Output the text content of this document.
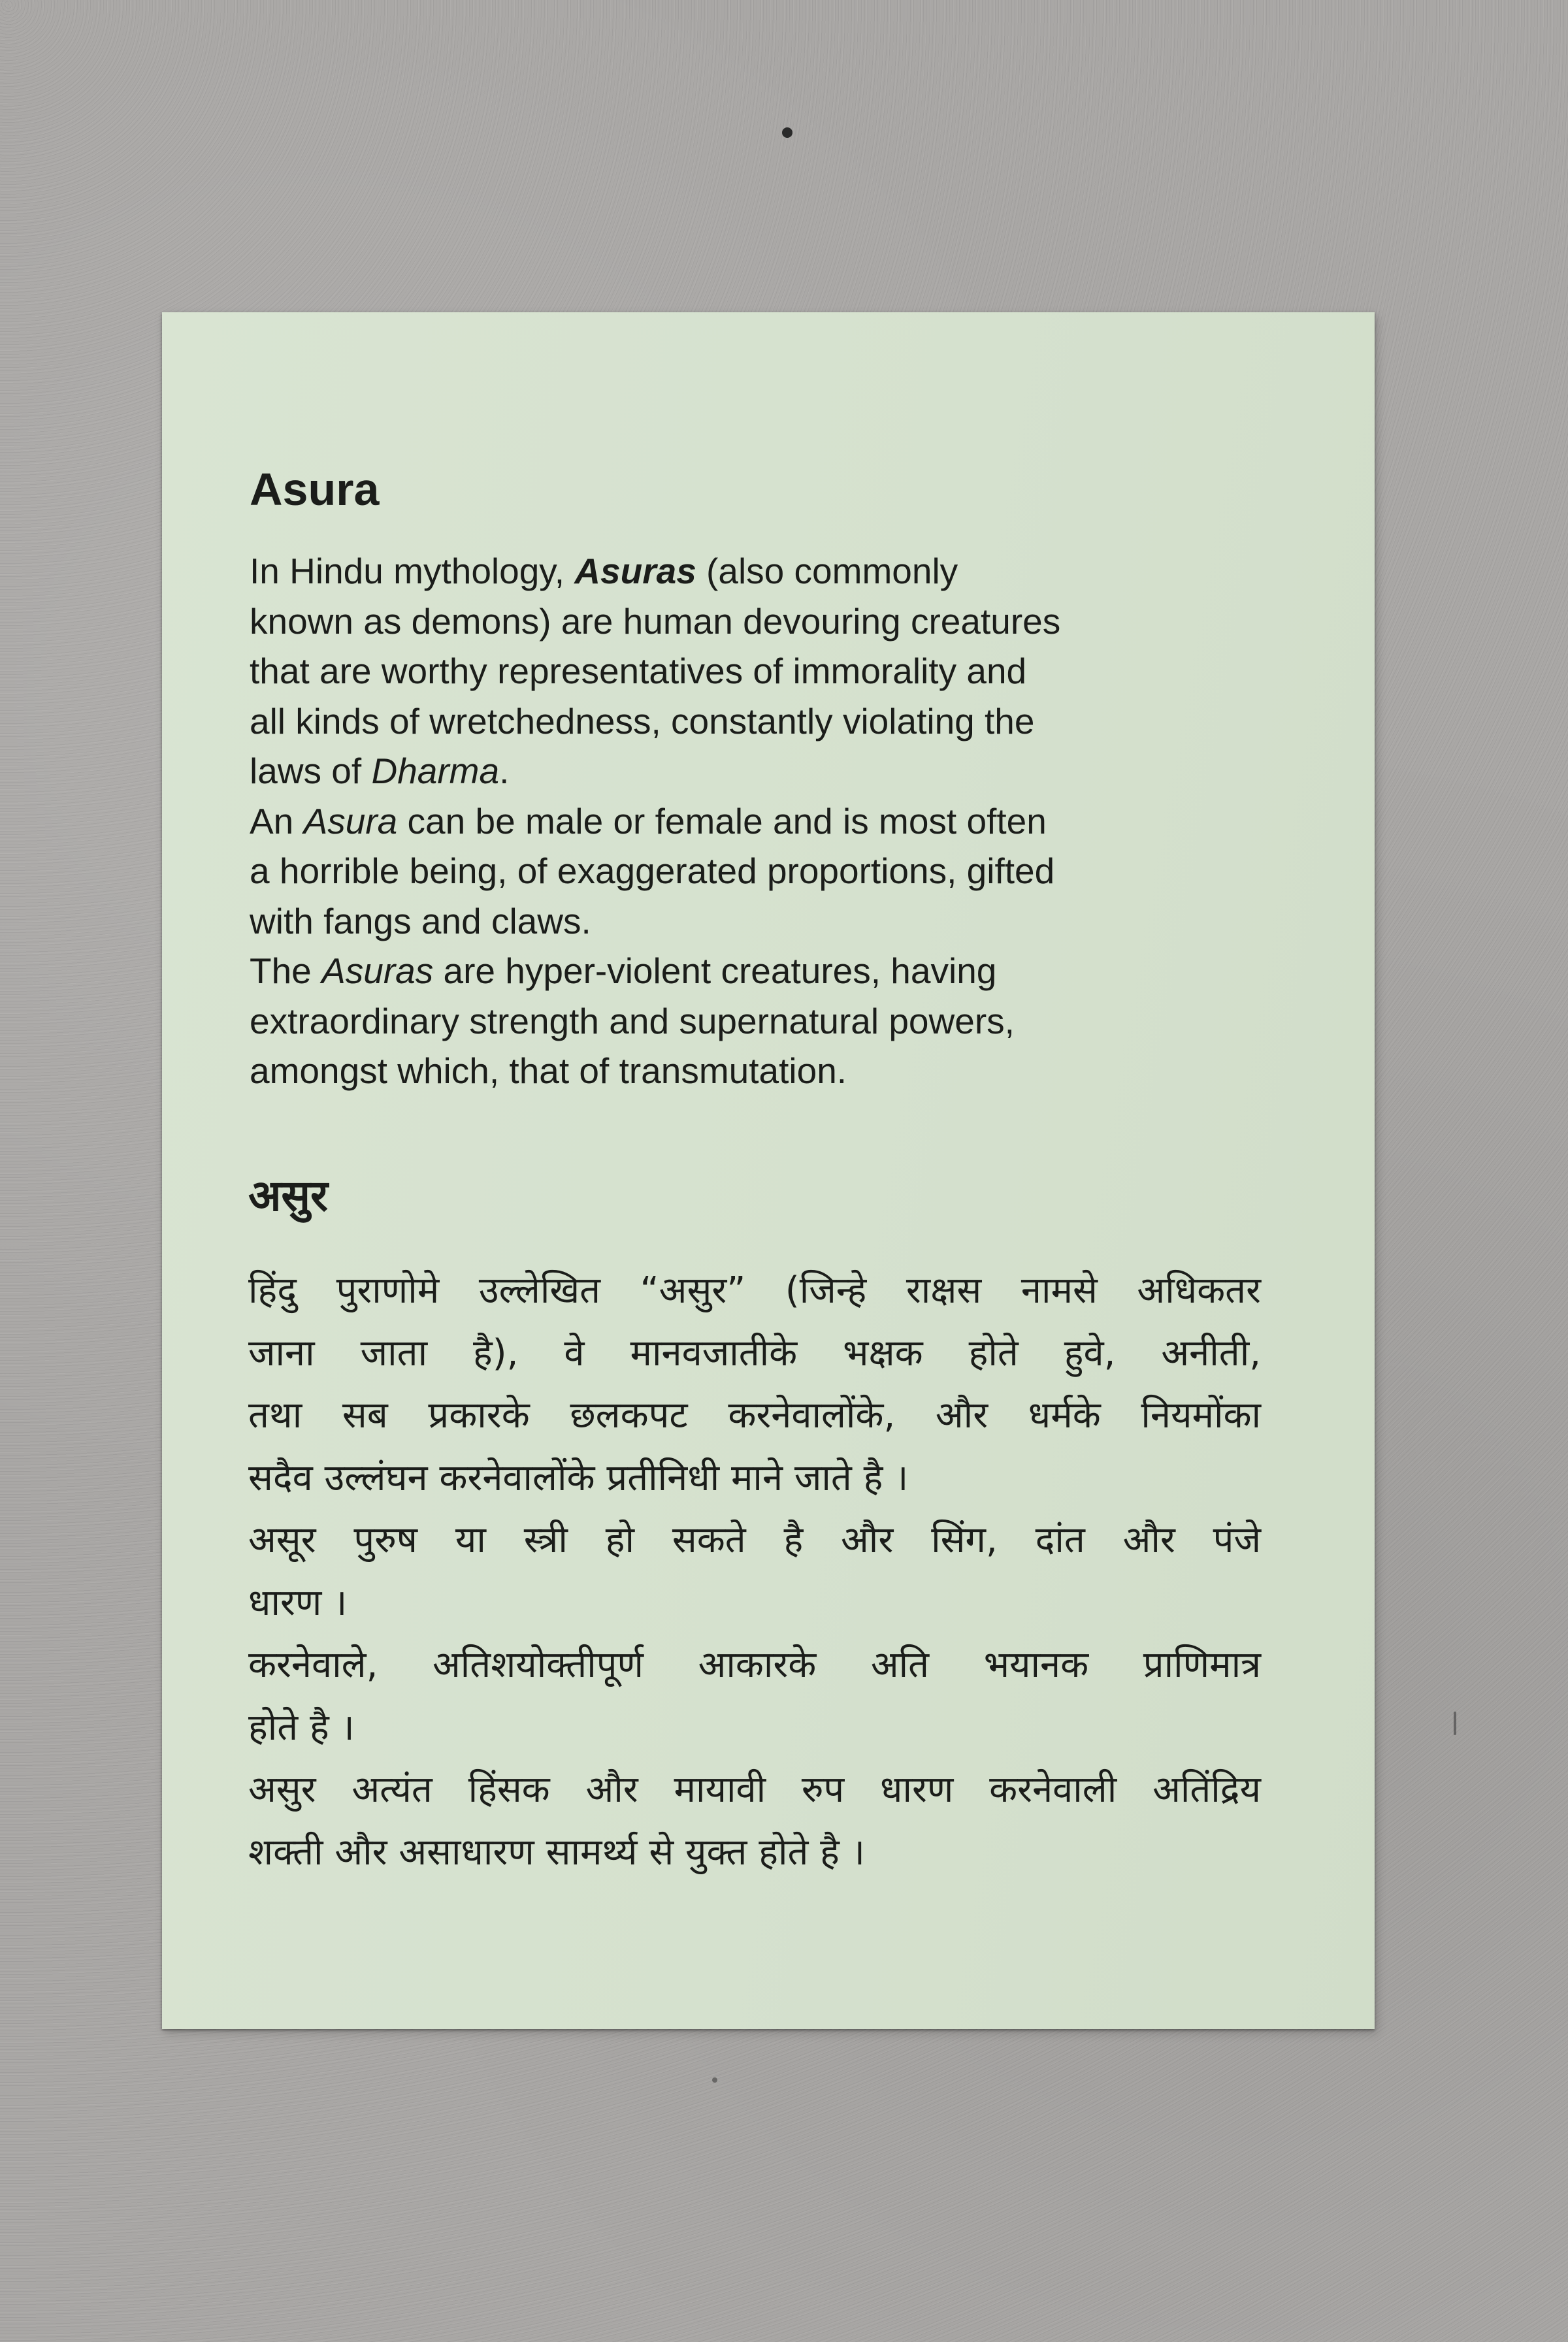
Asura
In Hindu mythology, Asuras (also commonly
known as demons) are human devouring creatures
that are worthy representatives of immorality and
all kinds of wretchedness, constantly violating the
laws of Dharma.
An Asura can be male or female and is most often
a horrible being, of exaggerated proportions, gifted
with fangs and claws.
The Asuras are hyper-violent creatures, having
extraordinary strength and supernatural powers,
amongst which, that of transmutation.
असुर
हिंदु पुराणोमे उल्लेखित “असुर” (जिन्हे राक्षस नामसे अधिकतर
जाना जाता है), वे मानवजातीके भक्षक होते हुवे, अनीती,
तथा सब प्रकारके छलकपट करनेवालोंके, और धर्मके नियमोंका
सदैव उल्लंघन करनेवालोंके प्रतीनिधी माने जाते है ।
असूर पुरुष या स्त्री हो सकते है और सिंग, दांत और पंजे
धारण ।
करनेवाले, अतिशयोक्तीपूर्ण आकारके अति भयानक प्राणिमात्र
होते है ।
असुर अत्यंत हिंसक और मायावी रुप धारण करनेवाली अतिंद्रिय
शक्ती और असाधारण सामर्थ्य से युक्त होते है ।
